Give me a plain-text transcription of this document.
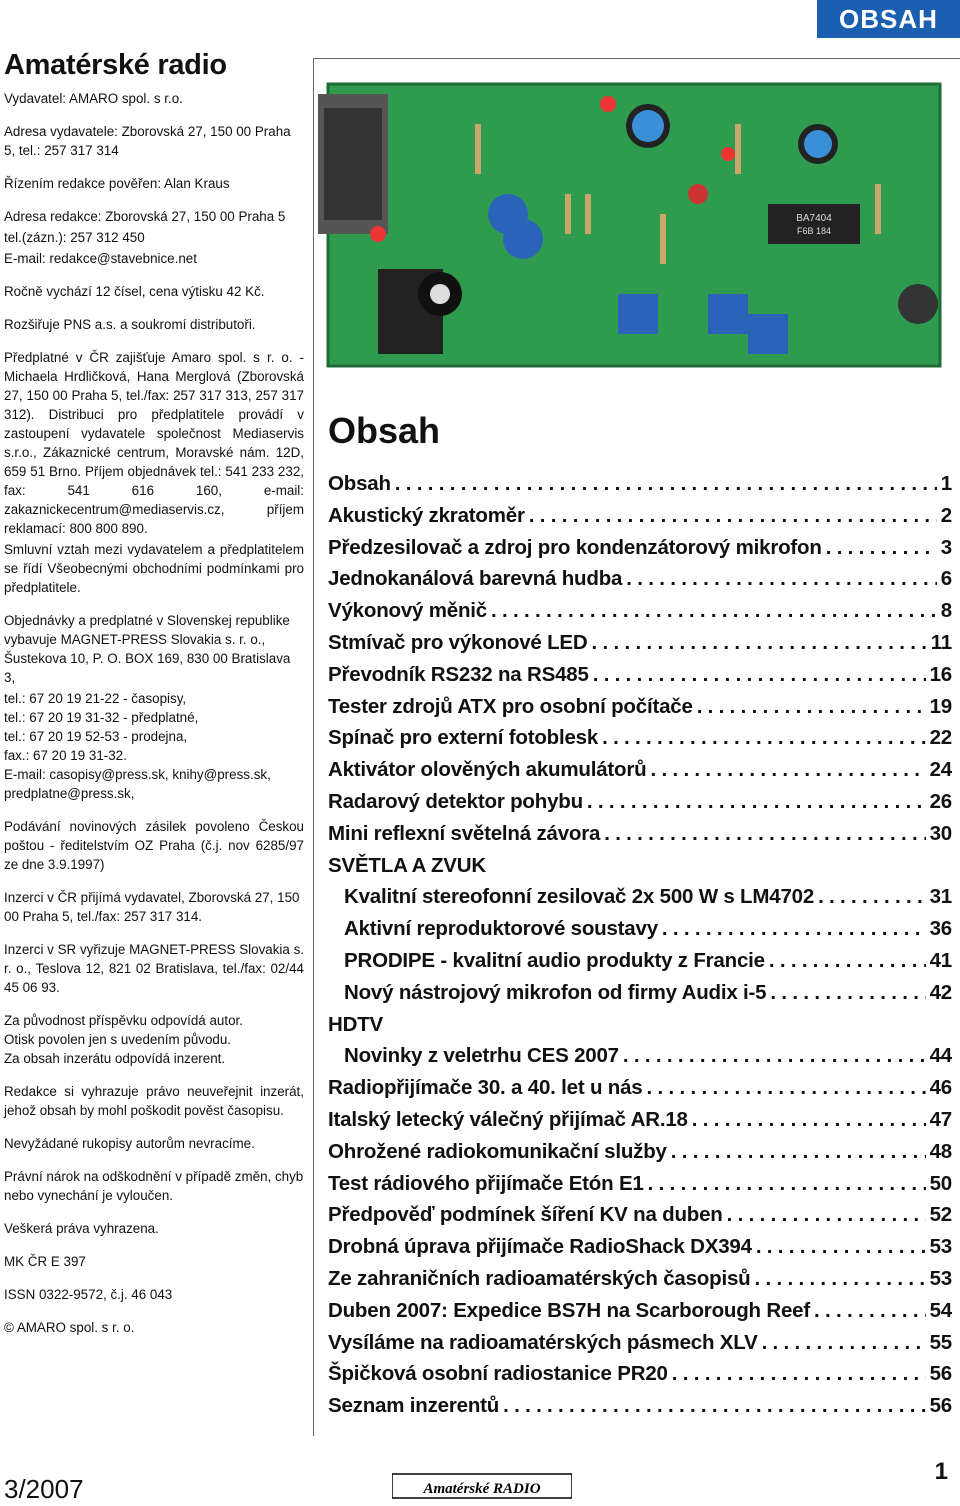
OBSAH
Amatérské radio

Vydavatel: AMARO spol. s r.o.

Adresa vydavatele: Zborovská 27, 150 00 Praha 5, tel.: 257 317 314

Řízením redakce pověřen: Alan Kraus

Adresa redakce: Zborovská 27, 150 00 Praha 5

tel.(zázn.): 257 312 450

E-mail: redakce@stavebnice.net

Ročně vychází 12 čísel, cena výtisku 42 Kč.

Rozšiřuje PNS a.s. a soukromí distributoři.

Předplatné v ČR zajišťuje Amaro spol. s r. o. -Michaela Hrdličková, Hana Merglová (Zborovská 27, 150 00 Praha 5, tel./fax: 257 317 313, 257 317 312). Distribuci pro předplatitele provádí v zastoupení vydavatele společnost Mediaservis s.r.o., Zákaznické centrum, Moravské nám. 12D, 659 51 Brno. Příjem objednávek tel.: 541 233 232, fax: 541 616 160, e-mail: zakaznickecentrum@mediaservis.cz, příjem reklamací: 800 800 890.

Smluvní vztah mezi vydavatelem a předplatitelem se řídí Všeobecnými obchodními podmínkami pro předplatitele.

Objednávky a predplatné v Slovenskej republike vybavuje MAGNET-PRESS Slovakia s. r. o., Šustekova 10, P. O. BOX 169, 830 00 Bratislava 3,

tel.: 67 20 19 21-22 - časopisy,
tel.: 67 20 19 31-32 - předplatné,
tel.: 67 20 19 52-53 - prodejna,
fax.: 67 20 19 31-32.
E-mail: casopisy@press.sk, knihy@press.sk,
predplatne@press.sk,

Podávání novinových zásilek povoleno Českou poštou - ředitelstvím OZ Praha (č.j. nov 6285/97 ze dne 3.9.1997)

Inzerci v ČR přijímá vydavatel, Zborovská 27, 150 00 Praha 5, tel./fax: 257 317 314.

Inzerci v SR vyřizuje MAGNET-PRESS Slovakia s. r. o., Teslova 12, 821 02 Bratislava, tel./fax: 02/44 45 06 93.

Za původnost příspěvku odpovídá autor.
Otisk povolen jen s uvedením původu.
Za obsah inzerátu odpovídá inzerent.

Redakce si vyhrazuje právo neuveřejnit inzerát, jehož obsah by mohl poškodit pověst časopisu.

Nevyžádané rukopisy autorům nevracíme.

Právní nárok na odškodnění v případě změn, chyb nebo vynechání je vyloučen.

Veškerá práva vyhrazena.

MK ČR E 397

ISSN 0322-9572, č.j. 46 043

© AMARO spol. s r. o.

BA7404
F6B 184
Obsah
Obsah . . .	1
Akustický zkratoměr . . .	2
Předzesilovač a zdroj pro kondenzátorový mikrofon . . .	3
Jednokanálová barevná hudba . . .	6
Výkonový měnič . . .	8
Stmívač pro výkonové LED . . .	11
Převodník RS232 na RS485 . . .	16
Tester zdrojů ATX pro osobní počítače . . .	19
Spínač pro externí fotoblesk . . .	22
Aktivátor olověných akumulátorů . . .	24
Radarový detektor pohybu . . .	26
Mini reflexní světelná závora . . .	30
SVĚTLA A ZVUK
Kvalitní stereofonní zesilovač 2x 500 W s LM4702 . . .	31
Aktivní reproduktorové soustavy . . .	36
PRODIPE - kvalitní audio produkty z Francie . . .	41
Nový nástrojový mikrofon od firmy Audix i-5 . . .	42
HDTV
Novinky z veletrhu CES 2007 . . .	44
Radiopřijímače 30. a 40. let u nás . . .	46
Italský letecký válečný přijímač AR.18 . . .	47
Ohrožené radiokomunikační služby . . .	48
Test rádiového přijímače Etón E1 . . .	50
Předpověď podmínek šíření KV na duben . . .	52
Drobná úprava přijímače RadioShack DX394 . . .	53
Ze zahraničních radioamatérských časopisů . . .	53
Duben 2007: Expedice BS7H na Scarborough Reef . . .	54
Vysíláme na radioamatérských pásmech XLV . . .	55
Špičková osobní radiostanice PR20 . . .	56
Seznam inzerentů . . .	56
3/2007	Amatérské RADIO
1
